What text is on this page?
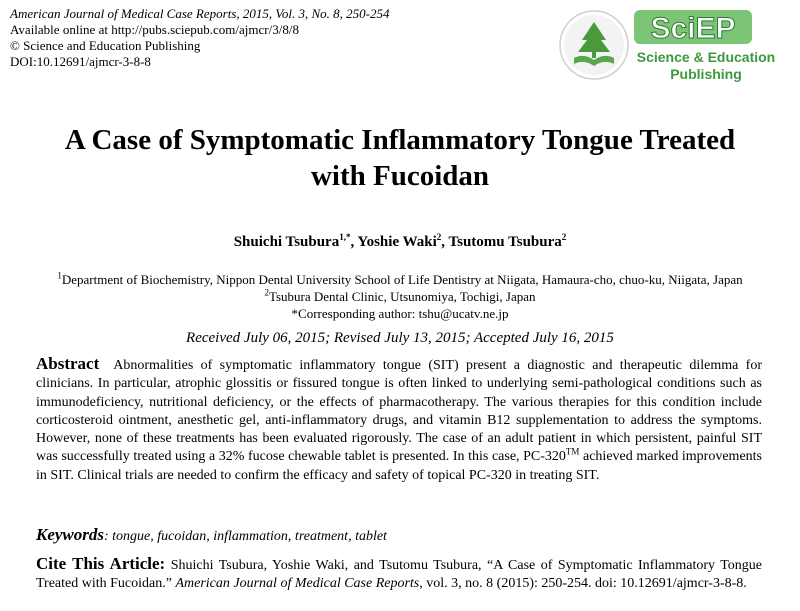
American Journal of Medical Case Reports, 2015, Vol. 3, No. 8, 250-254
Available online at http://pubs.sciepub.com/ajmcr/3/8/8
© Science and Education Publishing
DOI:10.12691/ajmcr-3-8-8
SciEP
Science & Education
Publishing
A Case of Symptomatic Inflammatory Tongue Treated
with Fucoidan
Shuichi Tsubura$^{1,*}$, Yoshie Waki$^2$, Tsutomu Tsubura$^2$
$^1$Department of Biochemistry, Nippon Dental University School of Life Dentistry at Niigata, Hamaura-cho, chuo-ku, Niigata, Japan
$^2$Tsubura Dental Clinic, Utsunomiya, Tochigi, Japan
*Corresponding author: tshu@ucatv.ne.jp
Received July 06, 2015; Revised July 13, 2015; Accepted July 16, 2015
Abstract Abnormalities of symptomatic inflammatory tongue (SIT) present a diagnostic and therapeutic dilemma for clinicians. In particular, atrophic glossitis or fissured tongue is often linked to underlying semi-pathological conditions such as immunodeficiency, nutritional deficiency, or the effects of pharmacotherapy. The various therapies for this condition include corticosteroid ointment, anesthetic gel, anti-inflammatory drugs, and vitamin B12 supplementation to address the symptoms. However, none of these treatments has been evaluated rigorously. The case of an adult patient in which persistent, painful SIT was successfully treated using a 32% fucose chewable tablet is presented. In this case, PC-320™ achieved marked improvements in SIT. Clinical trials are needed to confirm the efficacy and safety of topical PC-320 in treating SIT.
Keywords: tongue, fucoidan, inflammation, treatment, tablet
Cite This Article: Shuichi Tsubura, Yoshie Waki, and Tsutomu Tsubura, “A Case of Symptomatic Inflammatory Tongue Treated with Fucoidan.” American Journal of Medical Case Reports, vol. 3, no. 8 (2015): 250-254. doi: 10.12691/ajmcr-3-8-8.
